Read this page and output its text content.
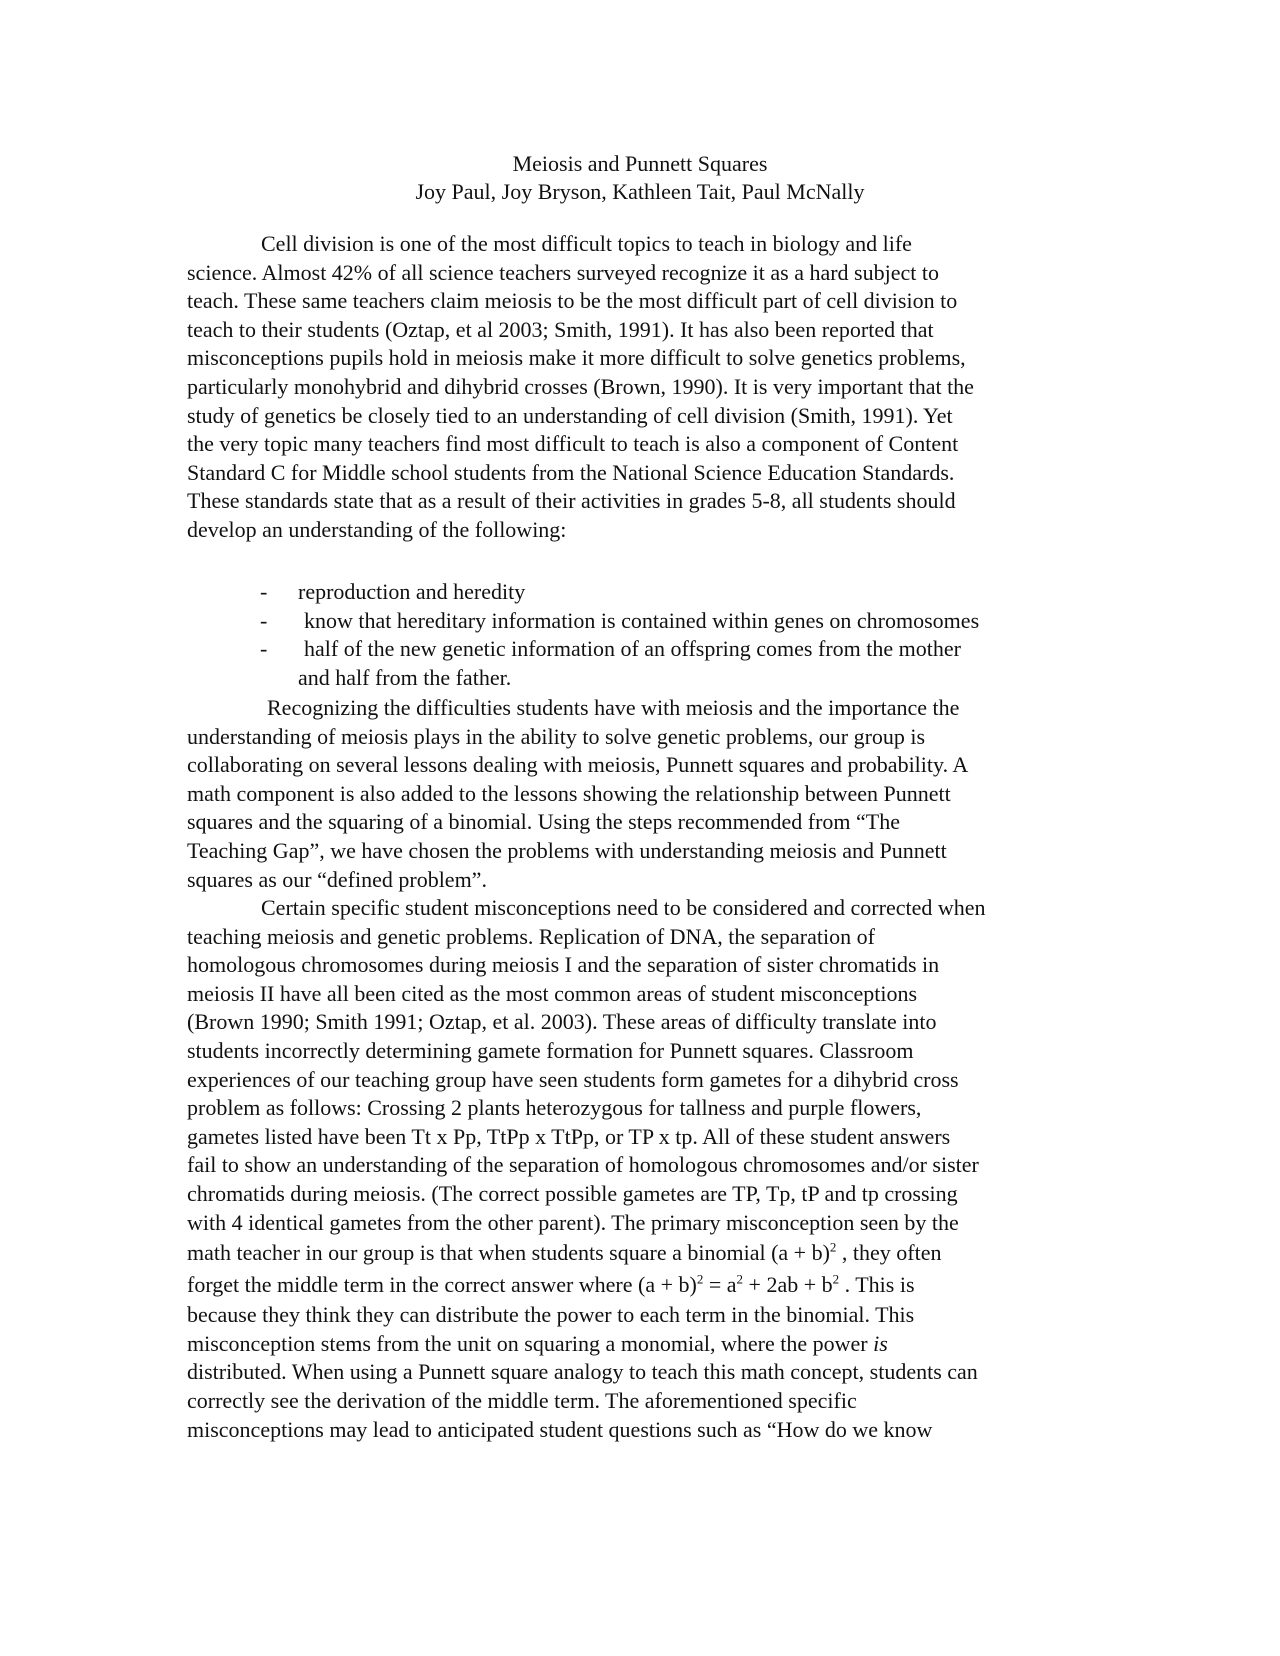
Meiosis and Punnett Squares
Joy Paul, Joy Bryson, Kathleen Tait, Paul McNally
Cell division is one of the most difficult topics to teach in biology and life
science. Almost 42% of all science teachers surveyed recognize it as a hard subject to
teach. These same teachers claim meiosis to be the most difficult part of cell division to
teach to their students (Oztap, et al 2003; Smith, 1991). It has also been reported that
misconceptions pupils hold in meiosis make it more difficult to solve genetics problems,
particularly monohybrid and dihybrid crosses (Brown, 1990). It is very important that the
study of genetics be closely tied to an understanding of cell division (Smith, 1991). Yet
the very topic many teachers find most difficult to teach is also a component of Content
Standard C for Middle school students from the National Science Education Standards.
These standards state that as a result of their activities in grades 5-8, all students should
develop an understanding of the following:
- reproduction and heredity
- know that hereditary information is contained within genes on chromosomes
- half of the new genetic information of an offspring comes from the mother
and half from the father.
Recognizing the difficulties students have with meiosis and the importance the
understanding of meiosis plays in the ability to solve genetic problems, our group is
collaborating on several lessons dealing with meiosis, Punnett squares and probability. A
math component is also added to the lessons showing the relationship between Punnett
squares and the squaring of a binomial. Using the steps recommended from “The
Teaching Gap”, we have chosen the problems with understanding meiosis and Punnett
squares as our “defined problem”.
Certain specific student misconceptions need to be considered and corrected when
teaching meiosis and genetic problems. Replication of DNA, the separation of
homologous chromosomes during meiosis I and the separation of sister chromatids in
meiosis II have all been cited as the most common areas of student misconceptions
(Brown 1990; Smith 1991; Oztap, et al. 2003). These areas of difficulty translate into
students incorrectly determining gamete formation for Punnett squares. Classroom
experiences of our teaching group have seen students form gametes for a dihybrid cross
problem as follows: Crossing 2 plants heterozygous for tallness and purple flowers,
gametes listed have been Tt x Pp, TtPp x TtPp, or TP x tp. All of these student answers
fail to show an understanding of the separation of homologous chromosomes and/or sister
chromatids during meiosis. (The correct possible gametes are TP, Tp, tP and tp crossing
with 4 identical gametes from the other parent). The primary misconception seen by the
math teacher in our group is that when students square a binomial $(a + b)^2$ , they often
forget the middle term in the correct answer where $(a + b)^2 = a^2 + 2ab + b^2$ . This is
because they think they can distribute the power to each term in the binomial. This
misconception stems from the unit on squaring a monomial, where the power is
distributed. When using a Punnett square analogy to teach this math concept, students can
correctly see the derivation of the middle term. The aforementioned specific
misconceptions may lead to anticipated student questions such as “How do we know
